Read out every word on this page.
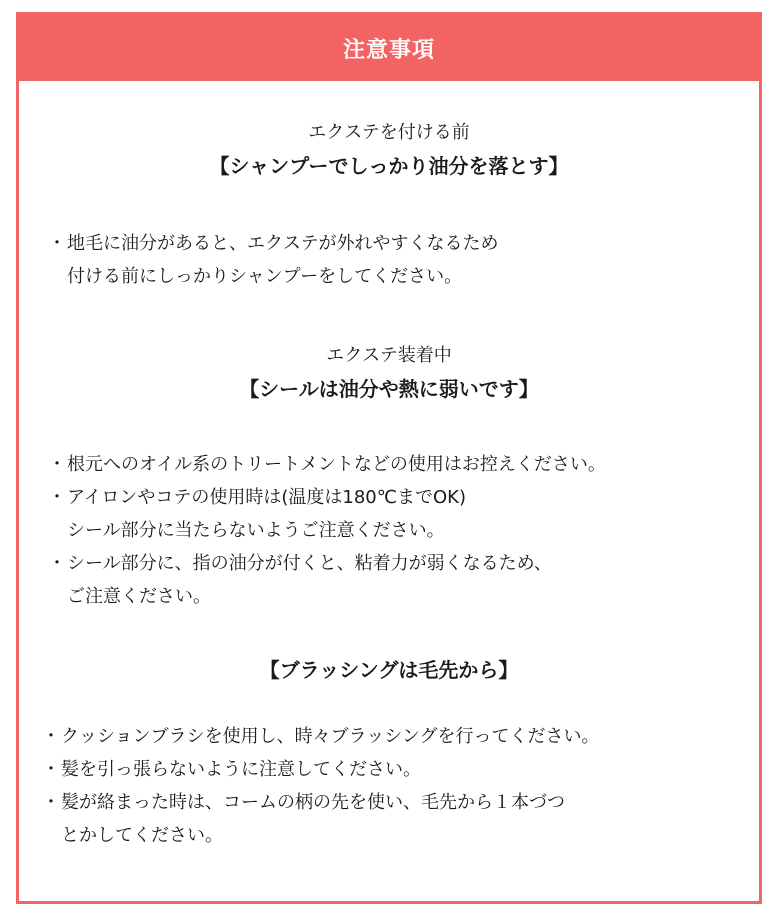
注意事項
エクステを付ける前
【シャンプーでしっかり油分を落とす】
・ 地毛に油分があると、エクステが外れやすくなるため
付ける前にしっかりシャンプーをしてください。
エクステ装着中
【シールは油分や熱に弱いです】
・ 根元へのオイル系のトリートメントなどの使用はお控えください。
・ アイロンやコテの使用時は(温度は180℃までOK)
シール部分に当たらないようご注意ください。
・ シール部分に、指の油分が付くと、粘着力が弱くなるため、
ご注意ください。
【ブラッシングは毛先から】
・ クッションブラシを使用し、時々ブラッシングを行ってください。
・ 髪を引っ張らないように注意してください。
・ 髪が絡まった時は、コームの柄の先を使い、毛先から１本づつ
とかしてください。
